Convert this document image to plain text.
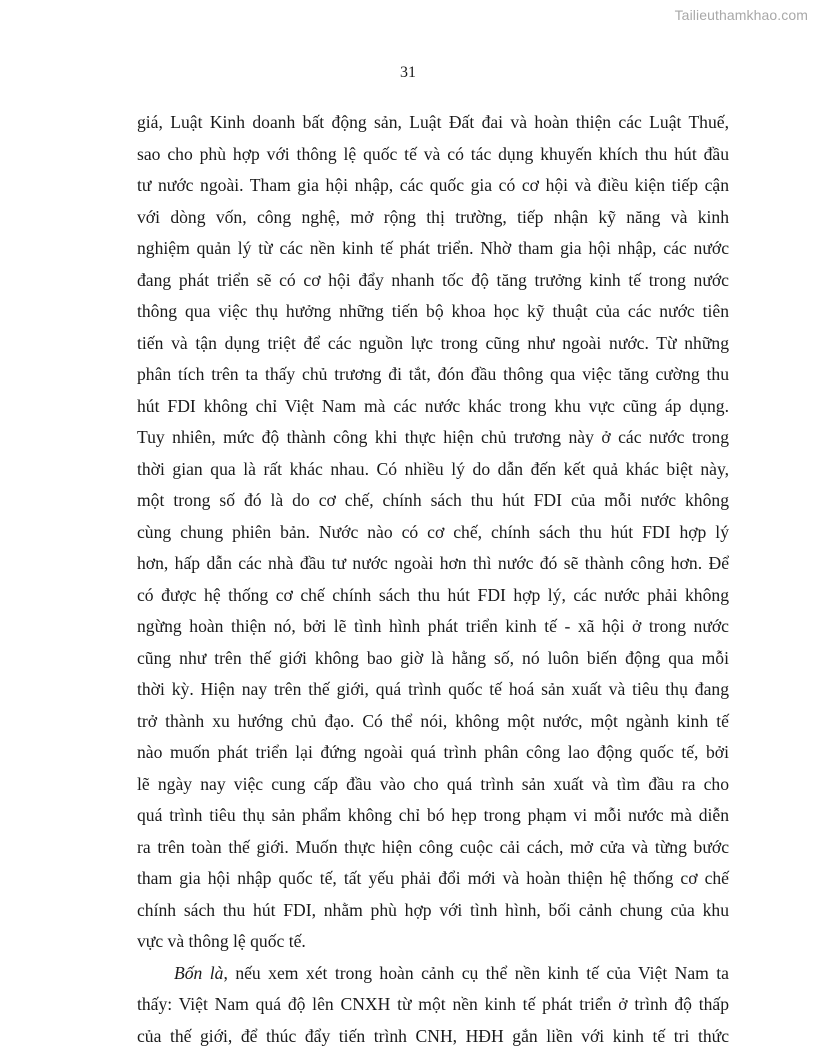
Tailieuthamkhao.com
31
giá, Luật Kinh doanh bất động sản, Luật Đất đai và hoàn thiện các Luật Thuế,
sao cho phù hợp với thông lệ quốc tế và có tác dụng khuyến khích thu hút đầu
tư nước ngoài. Tham gia hội nhập, các quốc gia có cơ hội và điều kiện tiếp cận
với dòng vốn, công nghệ, mở rộng thị trường, tiếp nhận kỹ năng và kinh
nghiệm quản lý từ các nền kinh tế phát triển. Nhờ tham gia hội nhập, các nước
đang phát triển sẽ có cơ hội đẩy nhanh tốc độ tăng trưởng kinh tế trong nước
thông qua việc thụ hưởng những tiến bộ khoa học kỹ thuật của các nước tiên
tiến và tận dụng triệt để các nguồn lực trong cũng như ngoài nước. Từ những
phân tích trên ta thấy chủ trương đi tắt, đón đầu thông qua việc tăng cường thu
hút FDI không chỉ Việt Nam mà các nước khác trong khu vực cũng áp dụng.
Tuy nhiên, mức độ thành công khi thực hiện chủ trương này ở các nước trong
thời gian qua là rất khác nhau. Có nhiều lý do dẫn đến kết quả khác biệt này,
một trong số đó là do cơ chế, chính sách thu hút FDI của mỗi nước không
cùng chung phiên bản. Nước nào có cơ chế, chính sách thu hút FDI hợp lý
hơn, hấp dẫn các nhà đầu tư nước ngoài hơn thì nước đó sẽ thành công hơn. Để
có được hệ thống cơ chế chính sách thu hút FDI hợp lý, các nước phải không
ngừng hoàn thiện nó, bởi lẽ tình hình phát triển kinh tế - xã hội ở trong nước
cũng như trên thế giới không bao giờ là hằng số, nó luôn biến động qua mỗi
thời kỳ. Hiện nay trên thế giới, quá trình quốc tế hoá sản xuất và tiêu thụ đang
trở thành xu hướng chủ đạo. Có thể nói, không một nước, một ngành kinh tế
nào muốn phát triển lại đứng ngoài quá trình phân công lao động quốc tế, bởi
lẽ ngày nay việc cung cấp đầu vào cho quá trình sản xuất và tìm đầu ra cho
quá trình tiêu thụ sản phẩm không chỉ bó hẹp trong phạm vi mỗi nước mà diễn
ra trên toàn thế giới. Muốn thực hiện công cuộc cải cách, mở cửa và từng bước
tham gia hội nhập quốc tế, tất yếu phải đổi mới và hoàn thiện hệ thống cơ chế
chính sách thu hút FDI, nhằm phù hợp với tình hình, bối cảnh chung của khu
vực và thông lệ quốc tế.
Bốn là, nếu xem xét trong hoàn cảnh cụ thể nền kinh tế của Việt Nam ta
thấy: Việt Nam quá độ lên CNXH từ một nền kinh tế phát triển ở trình độ thấp
của thế giới, để thúc đẩy tiến trình CNH, HĐH gắn liền với kinh tế tri thức
